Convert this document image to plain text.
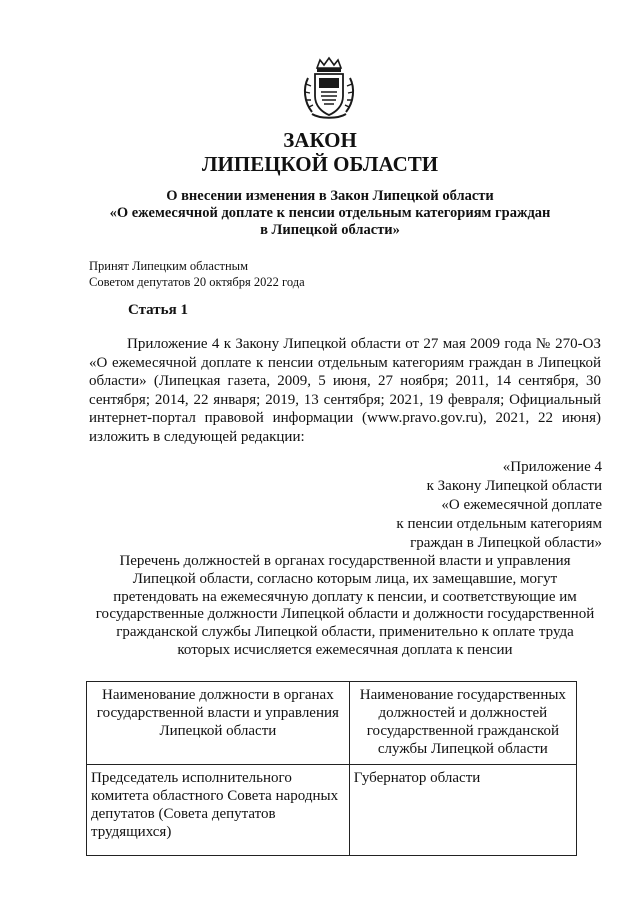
ЗАКОН
ЛИПЕЦКОЙ ОБЛАСТИ
О внесении изменения в Закон Липецкой области
«О ежемесячной доплате к пенсии отдельным категориям граждан
в Липецкой области»
Принят Липецким областным
Советом депутатов 20 октября 2022 года
Статья 1
Приложение 4 к Закону Липецкой области от 27 мая 2009 года № 270-ОЗ «О ежемесячной доплате к пенсии отдельным категориям граждан в Липецкой области» (Липецкая газета, 2009, 5 июня, 27 ноября; 2011, 14 сентября, 30 сентября; 2014, 22 января; 2019, 13 сентября; 2021, 19 февраля; Официальный интернет-портал правовой информации (www.pravo.gov.ru), 2021, 22 июня) изложить в следующей редакции:
«Приложение 4
к Закону Липецкой области
«О ежемесячной доплате
к пенсии отдельным категориям
граждан в Липецкой области»
Перечень должностей в органах государственной власти и управления
Липецкой области, согласно которым лица, их замещавшие, могут
претендовать на ежемесячную доплату к пенсии, и соответствующие им
государственные должности Липецкой области и должности государственной
гражданской службы Липецкой области, применительно к оплате труда
которых исчисляется ежемесячная доплата к пенсии
Наименование должности в органах государственной власти и управления Липецкой области	Наименование государственных должностей и должностей государственной гражданской службы Липецкой области
Председатель исполнительного комитета областного Совета народных депутатов (Совета депутатов трудящихся)	Губернатор области
